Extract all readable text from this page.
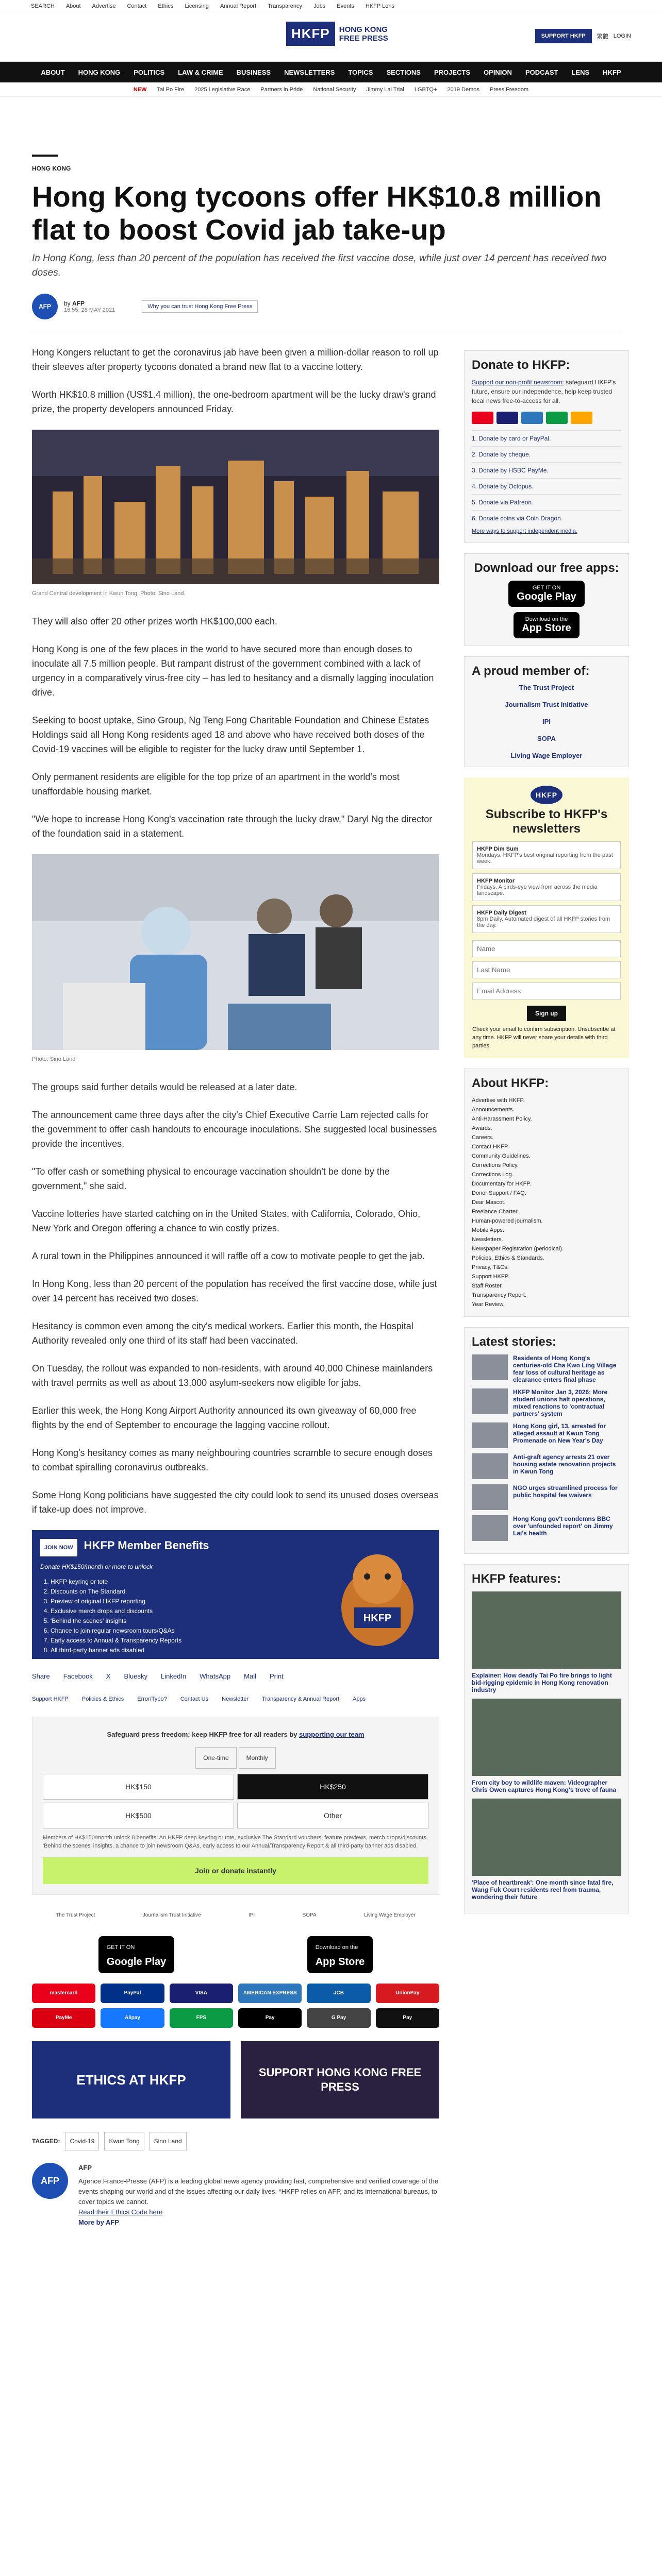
SEARCH About Advertise Contact Ethics Licensing Annual Report Transparency Jobs Events HKFP Lens
HKFP	HONG KONG
FREE PRESS	SUPPORT HKFP	繁體 LOGIN
ABOUT HONG KONG POLITICS LAW & CRIME BUSINESS NEWSLETTERS TOPICS SECTIONS PROJECTS OPINION PODCAST LENS HKFP
NEW Tai Po Fire 2025 Legislative Race Partners in Pride National Security Jimmy Lai Trial LGBTQ+ 2019 Demos Press Freedom
HONG KONG
Hong Kong tycoons offer HK$10.8 million flat to boost Covid jab take-up

In Hong Kong, less than 20 percent of the population has received the first vaccine dose, while just over 14 percent has received two doses.

AFP	by AFP
16:55, 28 MAY 2021
Why you can trust Hong Kong Free Press

Hong Kongers reluctant to get the coronavirus jab have been given a million-dollar reason to roll up their sleeves after property tycoons donated a brand new flat to a vaccine lottery.

Worth HK$10.8 million (US$1.4 million), the one-bedroom apartment will be the lucky draw's grand prize, the property developers announced Friday.

Grand Central development in Kwun Tong. Photo: Sino Land.

They will also offer 20 other prizes worth HK$100,000 each.

Hong Kong is one of the few places in the world to have secured more than enough doses to inoculate all 7.5 million people. But rampant distrust of the government combined with a lack of urgency in a comparatively virus-free city – has led to hesitancy and a dismally lagging inoculation drive.

Seeking to boost uptake, Sino Group, Ng Teng Fong Charitable Foundation and Chinese Estates Holdings said all Hong Kong residents aged 18 and above who have received both doses of the Covid-19 vaccines will be eligible to register for the lucky draw until September 1.

Only permanent residents are eligible for the top prize of an apartment in the world's most unaffordable housing market.

"We hope to increase Hong Kong's vaccination rate through the lucky draw," Daryl Ng the director of the foundation said in a statement.

Photo: Sino Land

The groups said further details would be released at a later date.

The announcement came three days after the city's Chief Executive Carrie Lam rejected calls for the government to offer cash handouts to encourage inoculations. She suggested local businesses provide the incentives.

"To offer cash or something physical to encourage vaccination shouldn't be done by the government," she said.

Vaccine lotteries have started catching on in the United States, with California, Colorado, Ohio, New York and Oregon offering a chance to win costly prizes.

A rural town in the Philippines announced it will raffle off a cow to motivate people to get the jab.

In Hong Kong, less than 20 percent of the population has received the first vaccine dose, while just over 14 percent has received two doses.

Hesitancy is common even among the city's medical workers. Earlier this month, the Hospital Authority revealed only one third of its staff had been vaccinated.

On Tuesday, the rollout was expanded to non-residents, with around 40,000 Chinese mainlanders with travel permits as well as about 13,000 asylum-seekers now eligible for jabs.

Earlier this week, the Hong Kong Airport Authority announced its own giveaway of 60,000 free flights by the end of September to encourage the lagging vaccine rollout.

Hong Kong's hesitancy comes as many neighbouring countries scramble to secure enough doses to combat spiralling coronavirus outbreaks.

Some Hong Kong politicians have suggested the city could look to send its unused doses overseas if take-up does not improve.

JOIN NOW HKFP Member Benefits
Donate HK$150/month or more to unlock
1. HKFP keyring or tote
2. Discounts on The Standard
3. Preview of original HKFP reporting
4. Exclusive merch drops and discounts
5. 'Behind the scenes' insights
6. Chance to join regular newsroom tours/Q&As
7. Early access to Annual & Transparency Reports
8. All third-party banner ads disabled
HKFP
Share Facebook X Bluesky LinkedIn WhatsApp Mail Print
Support HKFP Policies & Ethics Error/Typo? Contact Us Newsletter Transparency & Annual Report Apps
Safeguard press freedom; keep HKFP free for all readers by supporting our team
One-time	Monthly
HK$150	HK$250
HK$500	Other
Members of HK$150/month unlock 8 benefits: An HKFP deep keyring or tote, exclusive The Standard vouchers, feature previews, merch drops/discounts, 'Behind the scenes' insights, a chance to join newsroom Q&As, early access to our Annual/Transparency Report & all third-party banner ads disabled.
Join or donate instantly
The Trust Project	Journalism Trust Initiative	IPI	SOPA	Living Wage Employer
GET IT ON
Google Play
Download on the
App Store
mastercard	PayPal	VISA	AMERICAN EXPRESS	JCB	UnionPay
PayMe	Alipay	FPS	Pay	G Pay	Pay
ETHICS AT HKFP	SUPPORT HONG KONG FREE PRESS
TAGGED:	Covid-19	Kwun Tong	Sino Land
AFP
AFP

Agence France-Presse (AFP) is a leading global news agency providing fast, comprehensive and verified coverage of the events shaping our world and of the issues affecting our daily lives. *HKFP relies on AFP, and its international bureaus, to cover topics we cannot.

Read their Ethics Code here
More by AFP
Donate to HKFP:
Support our non-profit newsroom: safeguard HKFP's future, ensure our independence, help keep trusted local news free-to-access for all.
1. Donate by card or PayPal.
2. Donate by cheque.
3. Donate by HSBC PayMe.
4. Donate by Octopus.
5. Donate via Patreon.
6. Donate coins via Coin Dragon.
More ways to support independent media.
Download our free apps:
GET IT ON
Google Play

Download on the
App Store
A proud member of:
The Trust Project
Journalism Trust Initiative
IPI
SOPA
Living Wage Employer
HKFP
Subscribe to HKFP's newsletters
HKFP Dim Sum
Mondays. HKFP's best original reporting from the past week.
HKFP Monitor
Fridays. A birds-eye view from across the media landscape.
HKFP Daily Digest
8pm Daily. Automated digest of all HKFP stories from the day.
NameLast NameEmail Address
Sign up
Check your email to confirm subscription. Unsubscribe at any time. HKFP will never share your details with third parties.
About HKFP:
Advertise with HKFP.
Announcements.
Anti-Harassment Policy.
Awards.
Careers.
Contact HKFP.
Community Guidelines.
Corrections Policy.
Corrections Log.
Documentary for HKFP.
Donor Support / FAQ.
Dear Mascot.
Freelance Charter.
Human-powered journalism.
Mobile Apps.
Newsletters.
Newspaper Registration (periodical).
Policies, Ethics & Standards.
Privacy, T&Cs.
Support HKFP.
Staff Roster.
Transparency Report.
Year Review.
Latest stories:
Residents of Hong Kong's centuries-old Cha Kwo Ling Village fear loss of cultural heritage as clearance enters final phase
HKFP Monitor Jan 3, 2026: More student unions halt operations, mixed reactions to 'contractual partners' system
Hong Kong girl, 13, arrested for alleged assault at Kwun Tong Promenade on New Year's Day
Anti-graft agency arrests 21 over housing estate renovation projects in Kwun Tong
NGO urges streamlined process for public hospital fee waivers
Hong Kong gov't condemns BBC over 'unfounded report' on Jimmy Lai's health
HKFP features:
Explainer: How deadly Tai Po fire brings to light bid-rigging epidemic in Hong Kong renovation industry
From city boy to wildlife maven: Videographer Chris Owen captures Hong Kong's trove of fauna
'Place of heartbreak': One month since fatal fire, Wang Fuk Court residents reel from trauma, wondering their future
